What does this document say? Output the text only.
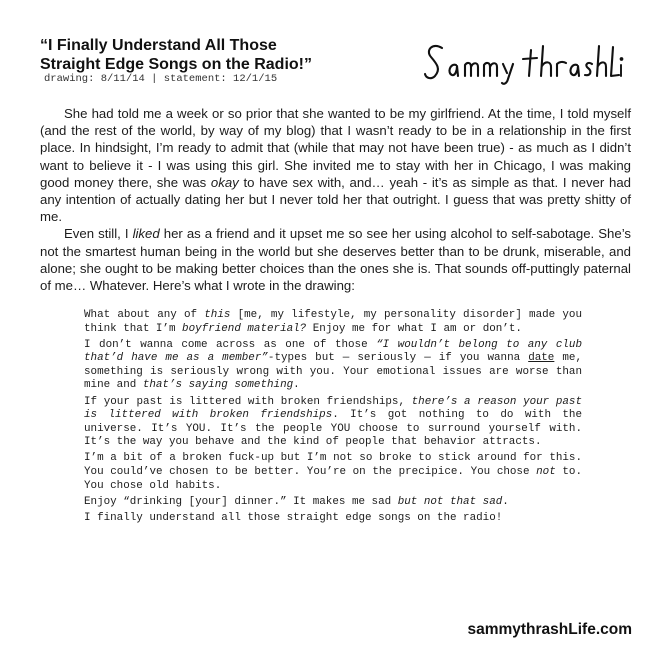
“I Finally Understand All Those
Straight Edge Songs on the Radio!”
drawing: 8/11/14 | statement: 12/1/15

She had told me a week or so prior that she wanted to be my girlfriend. At the time, I told myself (and the rest of the world, by way of my blog) that I wasn’t ready to be in a relationship in the first place. In hindsight, I’m ready to admit that (while that may not have been true) - as much as I didn’t want to believe it - I was using this girl. She invited me to stay with her in Chicago, I was making good money there, she was okay to have sex with, and… yeah - it’s as simple as that. I never had any intention of actually dating her but I never told her that outright. I guess that was pretty shitty of me.

Even still, I liked her as a friend and it upset me so see her using alcohol to self-sabotage. She’s not the smartest human being in the world but she deserves better than to be drunk, miserable, and alone; she ought to be making better choices than the ones she is. That sounds off-puttingly paternal of me… Whatever. Here’s what I wrote in the drawing:

What about any of this [me, my lifestyle, my personality disorder] made you think that I’m boyfriend material? Enjoy me for what I am or don’t.

I don’t wanna come across as one of those “I wouldn’t belong to any club that’d have me as a member”-types but — seriously — if you wanna date me, something is seriously wrong with you. Your emotional issues are worse than mine and that’s saying something.

If your past is littered with broken friendships, there’s a reason your past is littered with broken friendships. It’s got nothing to do with the universe. It’s YOU. It’s the people YOU choose to surround yourself with. It’s the way you behave and the kind of people that behavior attracts.

I’m a bit of a broken fuck-up but I’m not so broke to stick around for this. You could’ve chosen to be better. You’re on the precipice. You chose not to. You chose old habits.

Enjoy “drinking [your] dinner.” It makes me sad but not that sad.

I finally understand all those straight edge songs on the radio!

sammythrashLife.com
